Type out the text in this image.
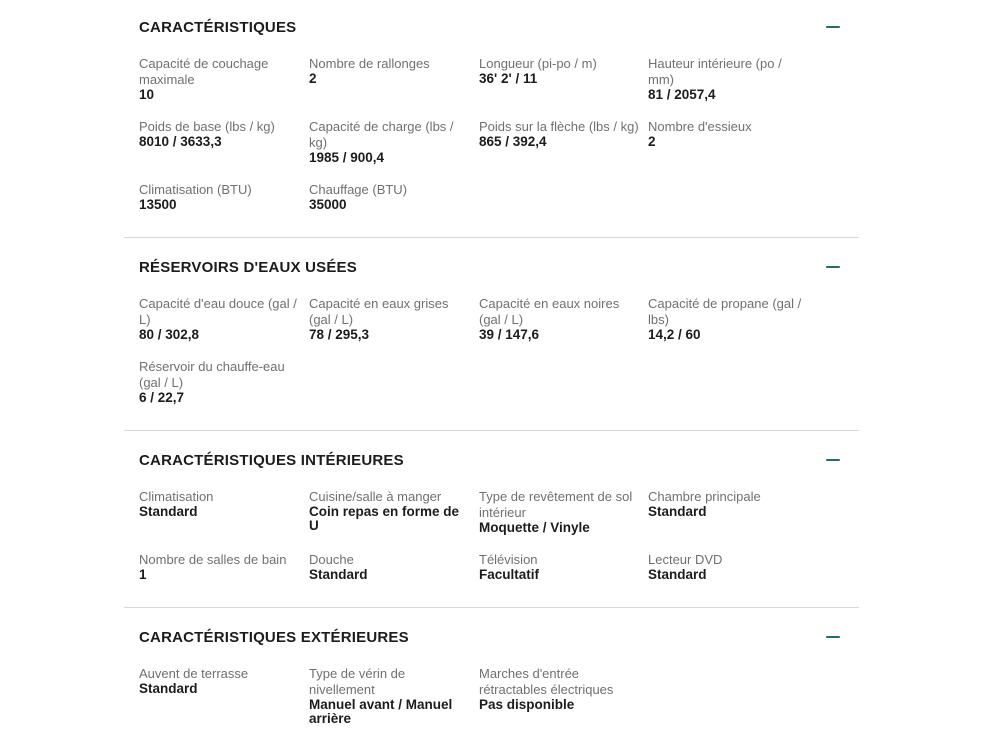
CARACTÉRISTIQUES
Capacité de couchage maximale
10
Nombre de rallonges
2
Longueur (pi-po / m)
36' 2' / 11
Hauteur intérieure (po / mm)
81 / 2057,4
Poids de base (lbs / kg)
8010 / 3633,3
Capacité de charge (lbs / kg)
1985 / 900,4
Poids sur la flèche (lbs / kg)
865 / 392,4
Nombre d'essieux
2
Climatisation (BTU)
13500
Chauffage (BTU)
35000
RÉSERVOIRS D'EAUX USÉES
Capacité d'eau douce (gal / L)
80 / 302,8
Capacité en eaux grises (gal / L)
78 / 295,3
Capacité en eaux noires (gal / L)
39 / 147,6
Capacité de propane (gal / lbs)
14,2 / 60
Réservoir du chauffe-eau (gal / L)
6 / 22,7
CARACTÉRISTIQUES INTÉRIEURES
Climatisation
Standard
Cuisine/salle à manger
Coin repas en forme de U
Type de revêtement de sol intérieur
Moquette / Vinyle
Chambre principale
Standard
Nombre de salles de bain
1
Douche
Standard
Télévision
Facultatif
Lecteur DVD
Standard
CARACTÉRISTIQUES EXTÉRIEURES
Auvent de terrasse
Standard
Type de vérin de nivellement
Manuel avant / Manuel arrière
Marches d'entrée rétractables électriques
Pas disponible
